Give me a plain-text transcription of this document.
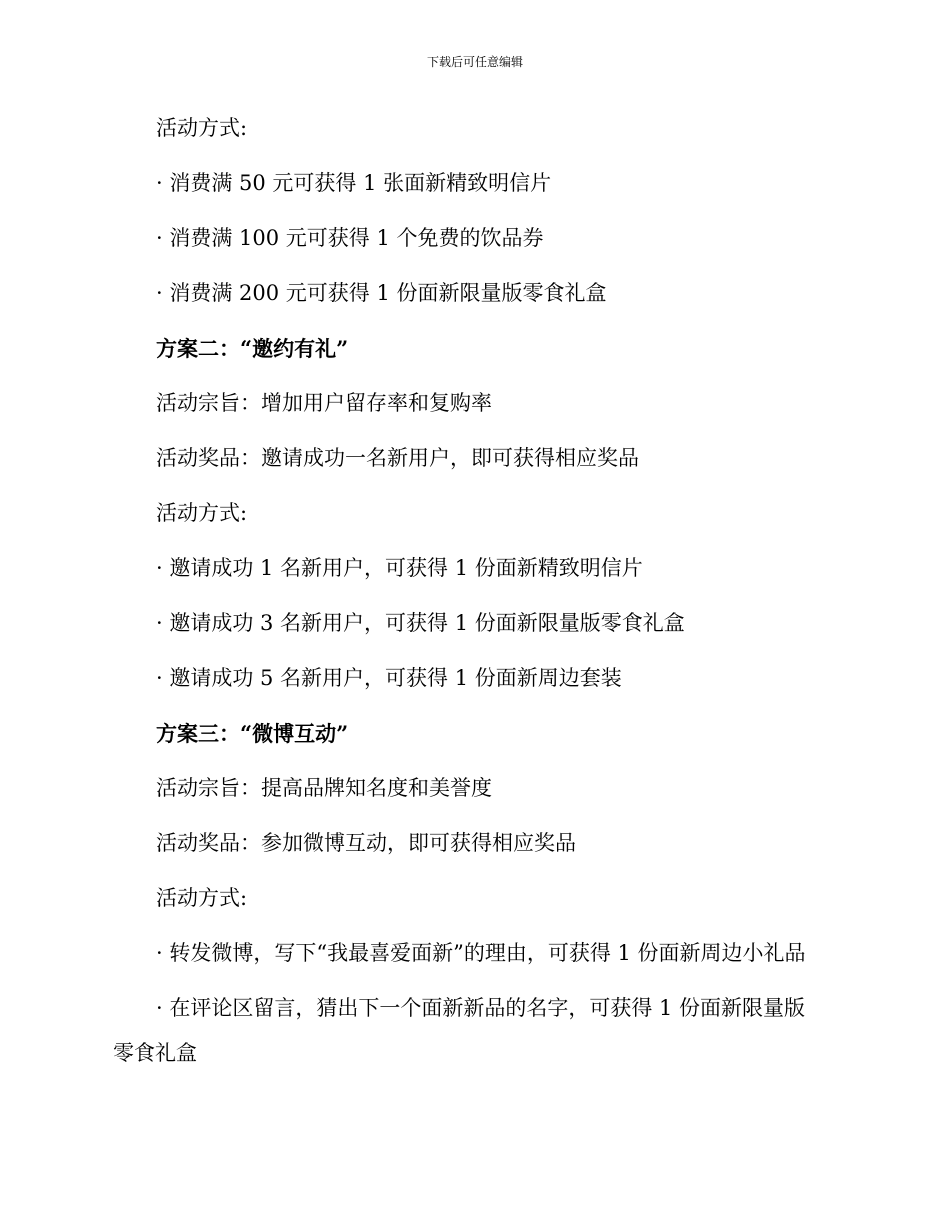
下载后可任意编辑

活动方式:

· 消费满 50 元可获得 1 张面新精致明信片

· 消费满 100 元可获得 1 个免费的饮品券

· 消费满 200 元可获得 1 份面新限量版零食礼盒

方案二：“邀约有礼”

活动宗旨：增加用户留存率和复购率

活动奖品：邀请成功一名新用户，即可获得相应奖品

活动方式:

· 邀请成功 1 名新用户，可获得 1 份面新精致明信片

· 邀请成功 3 名新用户，可获得 1 份面新限量版零食礼盒

· 邀请成功 5 名新用户，可获得 1 份面新周边套装

方案三：“微博互动”

活动宗旨：提高品牌知名度和美誉度

活动奖品：参加微博互动，即可获得相应奖品

活动方式:

· 转发微博，写下“我最喜爱面新”的理由，可获得 1 份面新周边小礼品

· 在评论区留言，猜出下一个面新新品的名字，可获得 1 份面新限量版零食礼盒
